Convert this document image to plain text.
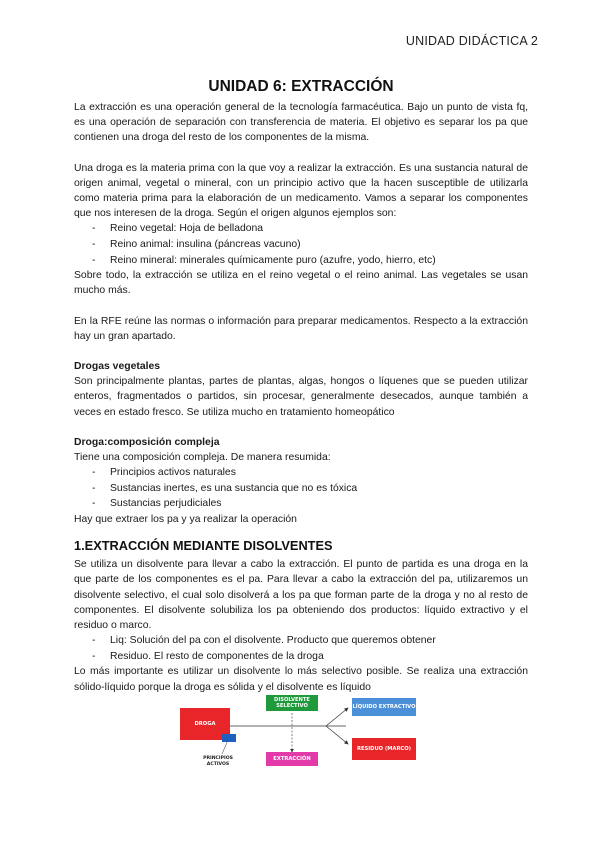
UNIDAD DIDÁCTICA 2
UNIDAD 6: EXTRACCIÓN

La extracción es una operación general de la tecnología farmacéutica. Bajo un punto de vista fq, es una operación de separación con transferencia de materia. El objetivo es separar los pa que contienen una droga del resto de los componentes de la misma.

Una droga es la materia prima con la que voy a realizar la extracción. Es una sustancia natural de origen animal, vegetal o mineral, con un principio activo que la hacen susceptible de utilizarla como materia prima para la elaboración de un medicamento. Vamos a separar los componentes que nos interesen de la droga. Según el origen algunos ejemplos son:

- Reino vegetal: Hoja de belladona
- Reino animal: insulina (páncreas vacuno)
- Reino mineral: minerales químicamente puro (azufre, yodo, hierro, etc)

Sobre todo, la extracción se utiliza en el reino vegetal o el reino animal. Las vegetales se usan mucho más.

En la RFE reúne las normas o información para preparar medicamentos. Respecto a la extracción hay un gran apartado.

Drogas vegetales

Son principalmente plantas, partes de plantas, algas, hongos o líquenes que se pueden utilizar enteros, fragmentados o partidos, sin procesar, generalmente desecados, aunque también a veces en estado fresco. Se utiliza mucho en tratamiento homeopático

Droga:composición compleja

Tiene una composición compleja. De manera resumida:

- Principios activos naturales
- Sustancias inertes, es una sustancia que no es tóxica
- Sustancias perjudiciales

Hay que extraer los pa y ya realizar la operación

1.EXTRACCIÓN MEDIANTE DISOLVENTES

Se utiliza un disolvente para llevar a cabo la extracción. El punto de partida es una droga en la que parte de los componentes es el pa. Para llevar a cabo la extracción del pa, utilizaremos un disolvente selectivo, el cual solo disolverá a los pa que forman parte de la droga y no al resto de componentes. El disolvente solubiliza los pa obteniendo dos productos: líquido extractivo y el residuo o marco.

- Liq: Solución del pa con el disolvente. Producto que queremos obtener
- Residuo. El resto de componentes de la droga

Lo más importante es utilizar un disolvente lo más selectivo posible. Se realiza una extracción sólido-líquido porque la droga es sólida y el disolvente es líquido

DROGA
PRINCIPIOS ACTIVOS
DISOLVENTE SELECTIVO
EXTRACCIÓN
LÍQUIDO EXTRACTIVO
RESIDUO (MARCO)
